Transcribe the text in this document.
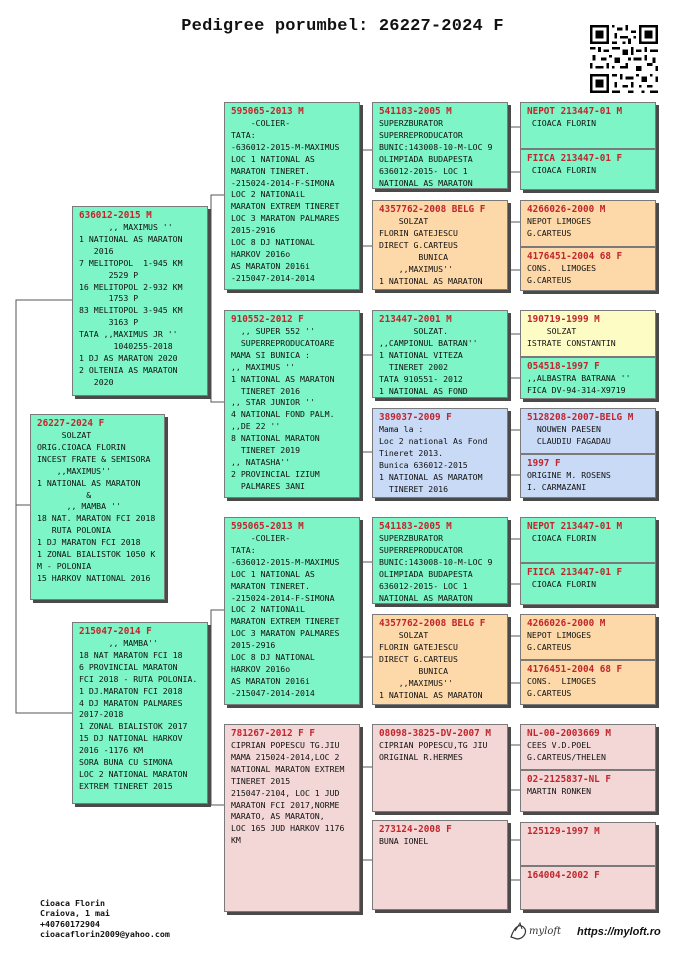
Pedigree porumbel: 26227-2024 F
26227-2024 F
SOLZAT
ORIG.CIOACA FLORIN
INCEST FRATE & SEMISORA
,,MAXIMUS''
1 NATIONAL AS MARATON
&
,, MAMBA ''
18 NAT. MARATON FCI 2018
RUTA POLONIA
1 DJ MARATON FCI 2018
1 ZONAL BIALISTOK 1050 K
M - POLONIA
15 HARKOV NATIONAL 2016
636012-2015 M
,, MAXIMUS ''
1 NATIONAL AS MARATON
2016
7 MELITOPOL  1-945 KM
2529 P
16 MELITOPOL 2-932 KM
1753 P
83 MELITOPOL 3-945 KM
3163 P
TATA ,,MAXIMUS JR ''
1040255-2018
1 DJ AS MARATON 2020
2 OLTENIA AS MARATON
2020
215047-2014 F
,, MAMBA''
18 NAT MARATON FCI 18
6 PROVINCIAL MARATON
FCI 2018 - RUTA POLONIA.
1 DJ.MARATON FCI 2018
4 DJ MARATON PALMARES
2017-2018
1 ZONAL BIALISTOK 2017
15 DJ NATIONAL HARKOV
2016 -1176 KM
SORA BUNA CU SIMONA
LOC 2 NATIONAL MARATON
EXTREM TINERET 2015
595065-2013 M
-COLIER-
TATA:
-636012-2015-M-MAXIMUS
LOC 1 NATIONAL AS
MARATON TINERET.
-215024-2014-F-SIMONA
LOC 2 NATIONAiL
MARATON EXTREM TINERET
LOC 3 MARATON PALMARES
2015-2916
LOC 8 DJ NATIONAL
HARKOV 2016o
AS MARATON 2016i
-215047-2014-2014
910552-2012 F
,, SUPER 552 ''
SUPERREPRODUCATOARE
MAMA SI BUNICA :
,, MAXIMUS ''
1 NATIONAL AS MARATON
TINERET 2016
,, STAR JUNIOR ''
4 NATIONAL FOND PALM.
,,DE 22 ''
8 NATIONAL MARATON
TINERET 2019
,, NATASHA''
2 PROVINCIAL IZIUM
PALMARES 3ANI
595065-2013 M
-COLIER-
TATA:
-636012-2015-M-MAXIMUS
LOC 1 NATIONAL AS
MARATON TINERET.
-215024-2014-F-SIMONA
LOC 2 NATIONAiL
MARATON EXTREM TINERET
LOC 3 MARATON PALMARES
2015-2916
LOC 8 DJ NATIONAL
HARKOV 2016o
AS MARATON 2016i
-215047-2014-2014
781267-2012 F F
CIPRIAN POPESCU TG.JIU
MAMA 215024-2014,LOC 2
NATIONAL MARATON EXTREM
TINERET 2015
215047-2104, LOC 1 JUD
MARATON FCI 2017,NORME
MARATO, AS MARATON,
LOC 165 JUD HARKOV 1176
KM
541183-2005 M
SUPERZBURATOR
SUPERREPRODUCATOR
BUNIC:143008-10-M-LOC 9
OLIMPIADA BUDAPESTA
636012-2015- LOC 1
NATIONAL AS MARATON
4357762-2008 BELG F
SOLZAT
FLORIN GATEJESCU
DIRECT G.CARTEUS
BUNICA
,,MAXIMUS''
1 NATIONAL AS MARATON
213447-2001 M
SOLZAT.
,,CAMPIONUL BATRAN''
1 NATIONAL VITEZA
TINERET 2002
TATA 910551- 2012
1 NATIONAL AS FOND
389037-2009 F
Mama la :
Loc 2 national As Fond
Tineret 2013.
Bunica 636012-2015
1 NATIONAL AS MARATOM
TINERET 2016
541183-2005 M
SUPERZBURATOR
SUPERREPRODUCATOR
BUNIC:143008-10-M-LOC 9
OLIMPIADA BUDAPESTA
636012-2015- LOC 1
NATIONAL AS MARATON
4357762-2008 BELG F
SOLZAT
FLORIN GATEJESCU
DIRECT G.CARTEUS
BUNICA
,,MAXIMUS''
1 NATIONAL AS MARATON
08098-3825-DV-2007 M
CIPRIAN POPESCU,TG JIU
ORIGINAL R.HERMES
273124-2008 F
BUNA IONEL
NEPOT 213447-01 M
CIOACA FLORIN
FIICA 213447-01 F
CIOACA FLORIN
4266026-2000 M
NEPOT LIMOGES
G.CARTEUS
4176451-2004 68 F
CONS.  LIMOGES
G.CARTEUS
190719-1999 M
SOLZAT
ISTRATE CONSTANTIN
054518-1997 F
,,ALBASTRA BATRANA ''
FICA DV-94-314-X9719
5128208-2007-BELG M
NOUWEN PAESEN
CLAUDIU FAGADAU
1997 F
ORIGINE M. ROSENS
I. CARMAZANI
NEPOT 213447-01 M
CIOACA FLORIN
FIICA 213447-01 F
CIOACA FLORIN
4266026-2000 M
NEPOT LIMOGES
G.CARTEUS
4176451-2004 68 F
CONS.  LIMOGES
G.CARTEUS
NL-00-2003669 M
CEES V.D.POEL
G.CARTEUS/THELEN
02-2125837-NL F
MARTIN RONKEN
125129-1997 M
164004-2002 F
Cioaca Florin
Craiova, 1 mai
+40760172904
cioacaflorin2009@yahoo.com	myloft https://myloft.ro
